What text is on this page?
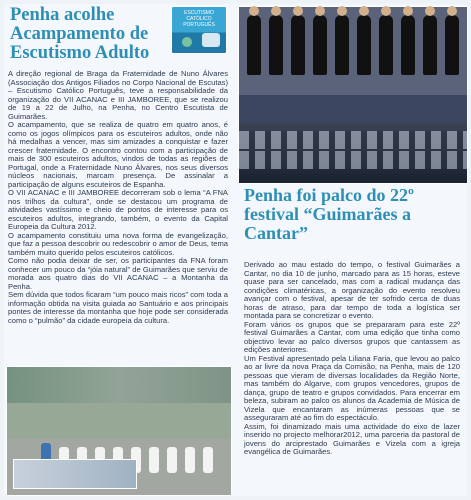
Penha acolhe
Acampamento de
Escutismo Adulto
ESCUTISMO CATÓLICO PORTUGUÊS
A direção regional de Braga da Fraternidade de Nuno Álvares (Associação dos Antigos Filiados no Corpo Nacional de Escutas) – Escutismo Católico Português, teve a responsabilidade da organização do VII ACANAC e III JAMBOREE, que se realizou de 19 a 22 de Julho, na Penha, no Centro Escutista de Guimarães.
O acampamento, que se realiza de quatro em quatro anos, é como os jogos olímpicos para os escuteiros adultos, onde não há medalhas a vencer, mas sim amizades a conquistar e fazer crescer fraternidade. O encontro contou com a participação de mais de 300 escuteiros adultos, vindos de todas as regiões de Portugal, onde a Fraternidade Nuno Álvares, nos seus diversos núcleos nacionais, marcam presença. De assinalar a participação de alguns escuteiros de Espanha.
O VII ACANAC e III JAMBOREE decorreram sob o lema “A FNA nos trilhos da cultura”, onde se destacou um programa de atividades vastíssimo e cheio de pontos de interesse para os escuteiros adultos, integrando, também, o evento da Capital Europeia da Cultura 2012.
O acampamento constituiu uma nova forma de evangelização, que faz a pessoa descobrir ou redescobrir o amor de Deus, tema também muito querido pelos escuteiros católicos.
Como não podia deixar de ser, os participantes da FNA foram conhecer um pouco da “jóia natural” de Guimarães que serviu de morada aos quatro dias do VII ACANAC – a Montanha da Penha.
Sem dúvida que todos ficaram “um pouco mais ricos” com toda a informação obtida na visita guiada ao Santuário e aos principais pontes de interesse da montanha que hoje pode ser considerada como o “pulmão” da cidade europeia da cultura.
Penha foi palco do 22º
festival “Guimarães a
Cantar”
Derivado ao mau estado do tempo, o festival Guimarães a Cantar, no dia 10 de junho, marcado para as 15 horas, esteve quase para ser cancelado, mas com a radical mudança das condições climatéricas, a organização do evento resolveu avançar com o festival, apesar de ter sofrido cerca de duas horas de atraso, para dar tempo de toda a logística ser montada para se concretizar o evento.
Foram vários os grupos que se prepararam para este 22º festival Guimarães a Cantar, com uma edição que tinha como objectivo levar ao palco diversos grupos que cantassem as edições anteriores.
Um Festival apresentado pela Liliana Faria, que levou ao palco ao ar livre da nova Praça da Comisão, na Penha, mais de 120 pessoas que vieram de diversas localidades da Região Norte, mas também do Algarve, com grupos vencedores, grupos de dança, grupo de teatro e grupos convidados. Para encerrar em beleza, subiram ao palco os alunos da Academia de Música de Vizela que encantaram as inúmeras pessoas que se asseguraram até ao fim do espectáculo.
Assim, foi dinamizado mais uma actividade do eixo de lazer inserido no projecto melhorar2012, uma parceria da pastoral de jovens do arciprestado Guimarães e Vizela com a igreja evangélica de Guimarães.
